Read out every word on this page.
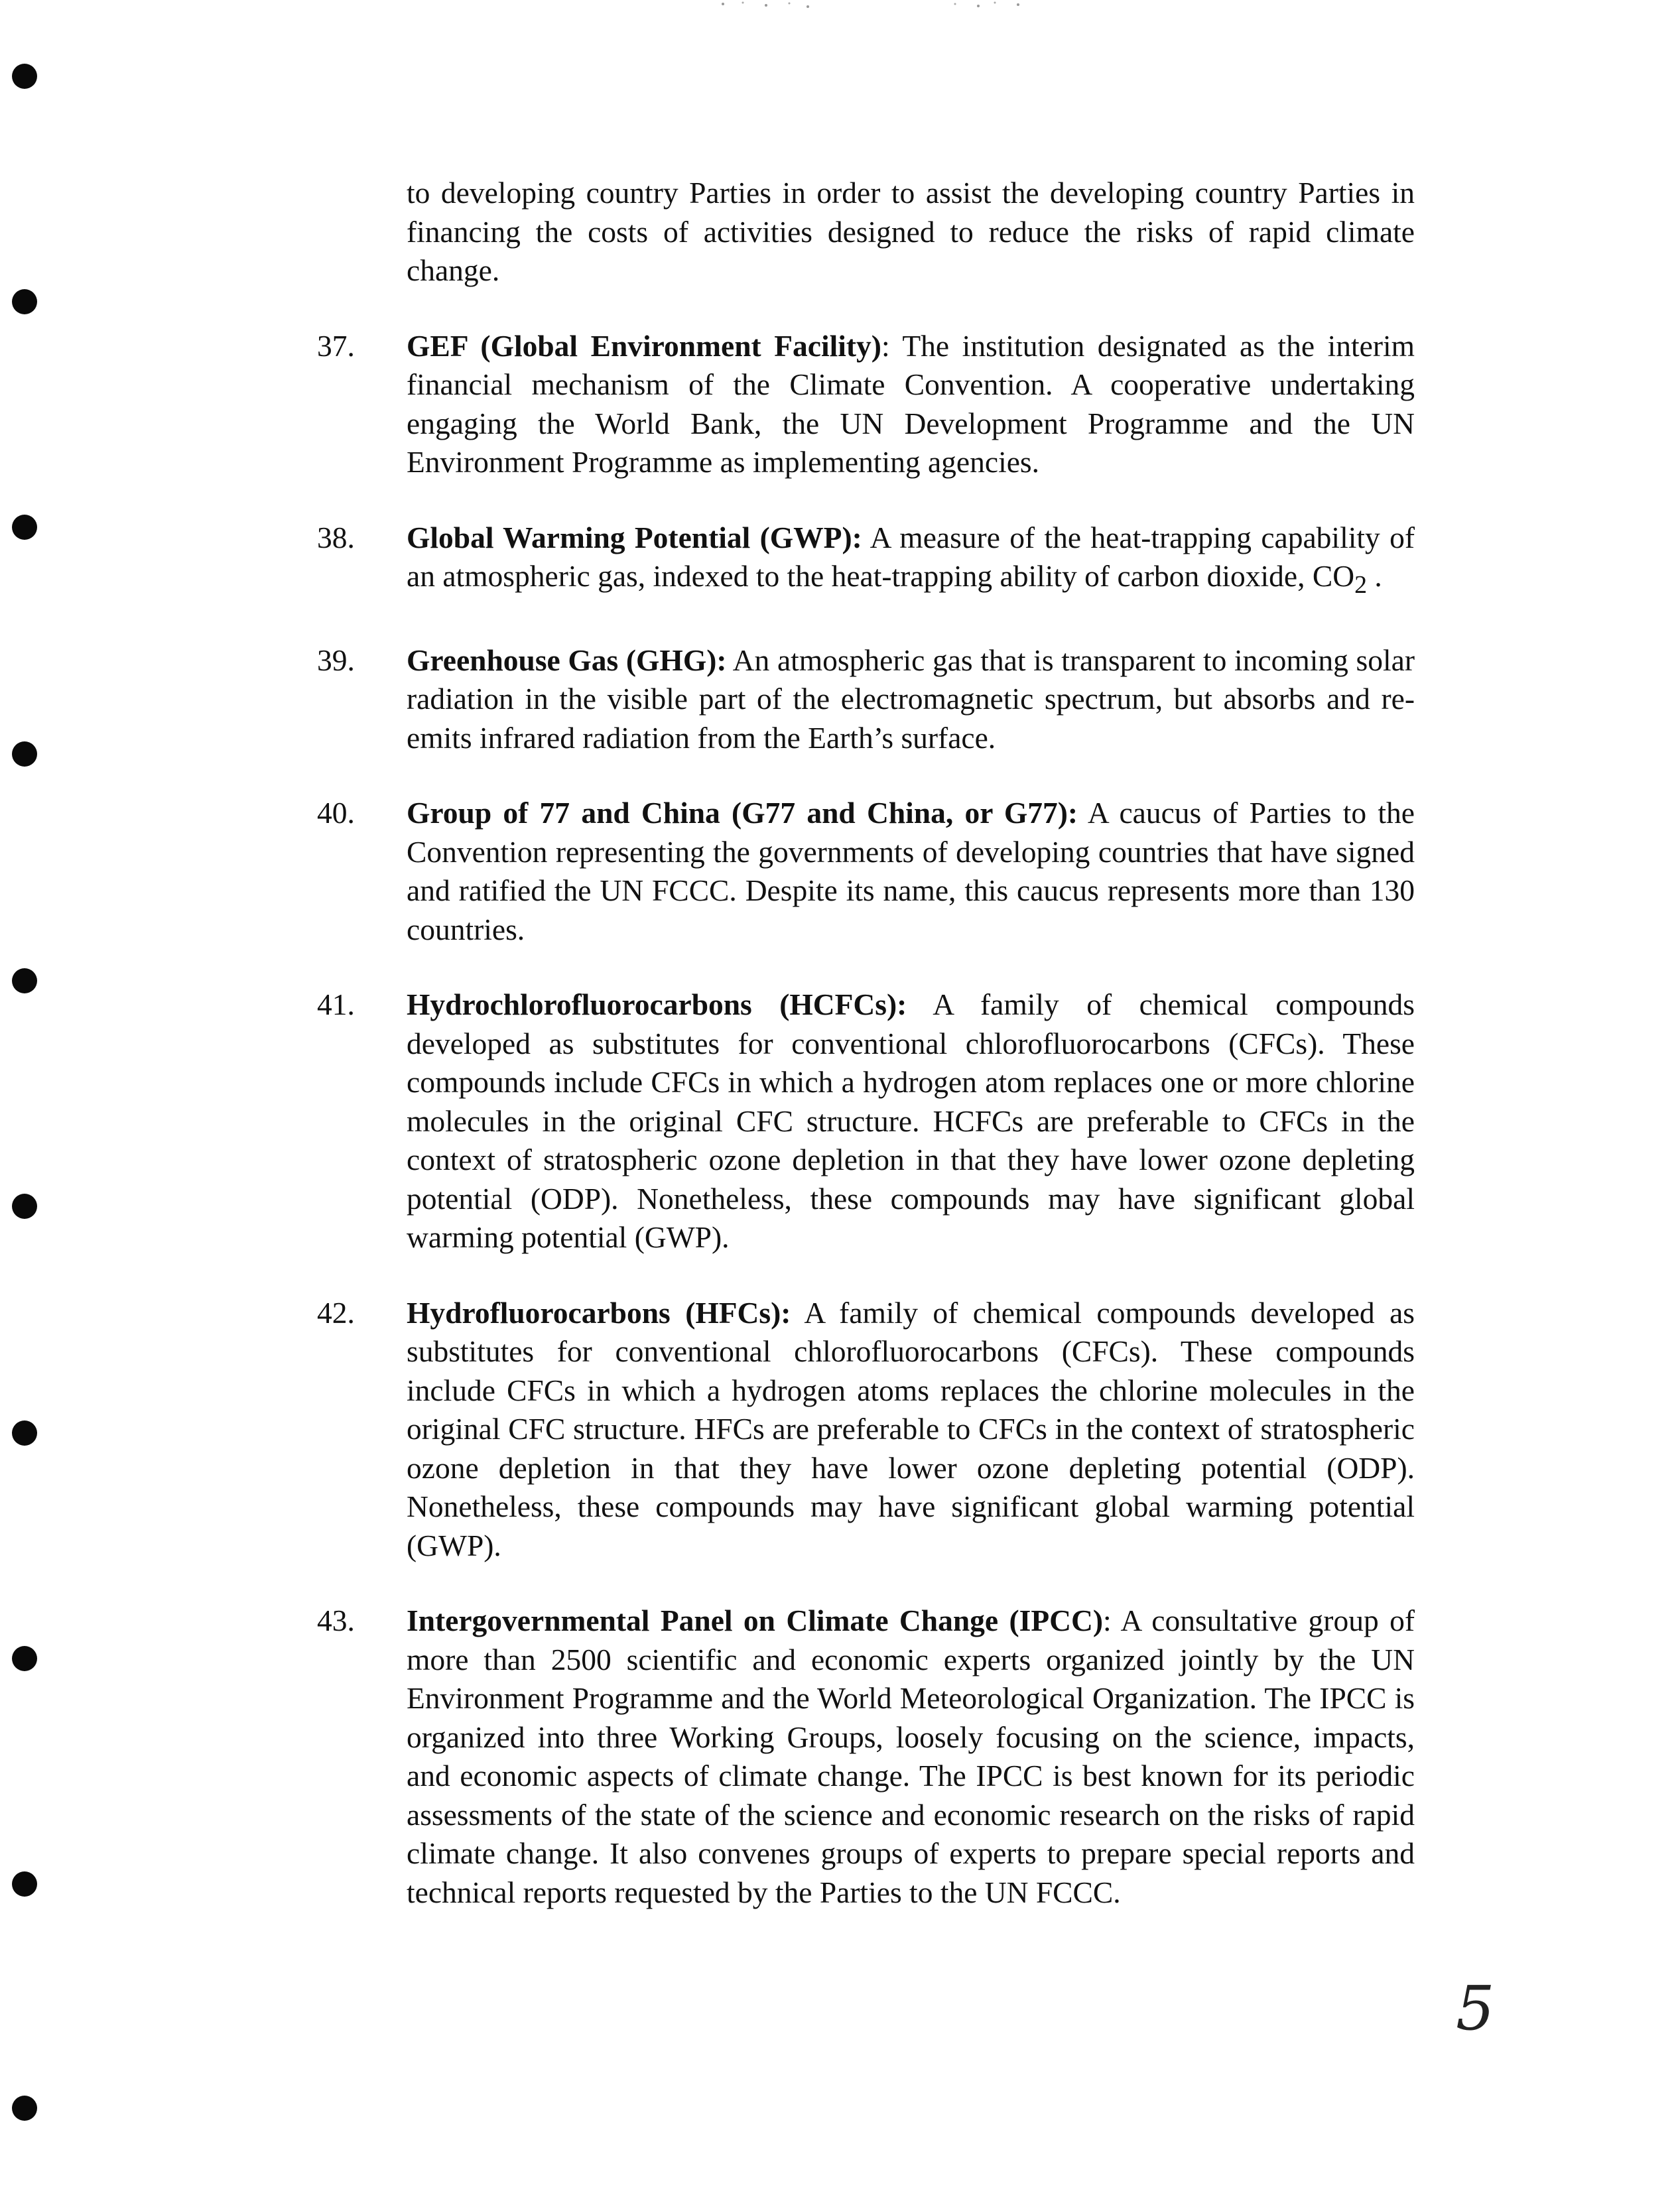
to developing country Parties in order to assist the developing country Parties in financing the costs of activities designed to reduce the risks of rapid climate change.

37.	GEF (Global Environment Facility): The institution designated as the interim financial mechanism of the Climate Convention. A cooperative undertaking engaging the World Bank, the UN Development Programme and the UN Environment Programme as implementing agencies.
38.	Global Warming Potential (GWP): A measure of the heat-trapping capability of an atmospheric gas, indexed to the heat-trapping ability of carbon dioxide, $CO_2$ .
39.	Greenhouse Gas (GHG): An atmospheric gas that is transparent to incoming solar radiation in the visible part of the electromagnetic spectrum, but absorbs and re-emits infrared radiation from the Earth’s surface.
40.	Group of 77 and China (G77 and China, or G77): A caucus of Parties to the Convention representing the governments of developing countries that have signed and ratified the UN FCCC. Despite its name, this caucus represents more than 130 countries.
41.	Hydrochlorofluorocarbons (HCFCs): A family of chemical compounds developed as substitutes for conventional chlorofluorocarbons (CFCs). These compounds include CFCs in which a hydrogen atom replaces one or more chlorine molecules in the original CFC structure. HCFCs are preferable to CFCs in the context of stratospheric ozone depletion in that they have lower ozone depleting potential (ODP). Nonetheless, these compounds may have significant global warming potential (GWP).
42.	Hydrofluorocarbons (HFCs): A family of chemical compounds developed as substitutes for conventional chlorofluorocarbons (CFCs). These compounds include CFCs in which a hydrogen atoms replaces the chlorine molecules in the original CFC structure. HFCs are preferable to CFCs in the context of stratospheric ozone depletion in that they have lower ozone depleting potential (ODP). Nonetheless, these compounds may have significant global warming potential (GWP).
43.	Intergovernmental Panel on Climate Change (IPCC): A consultative group of more than 2500 scientific and economic experts organized jointly by the UN Environment Programme and the World Meteorological Organization. The IPCC is organized into three Working Groups, loosely focusing on the science, impacts, and economic aspects of climate change. The IPCC is best known for its periodic assessments of the state of the science and economic research on the risks of rapid climate change. It also convenes groups of experts to prepare special reports and technical reports requested by the Parties to the UN FCCC.
5
